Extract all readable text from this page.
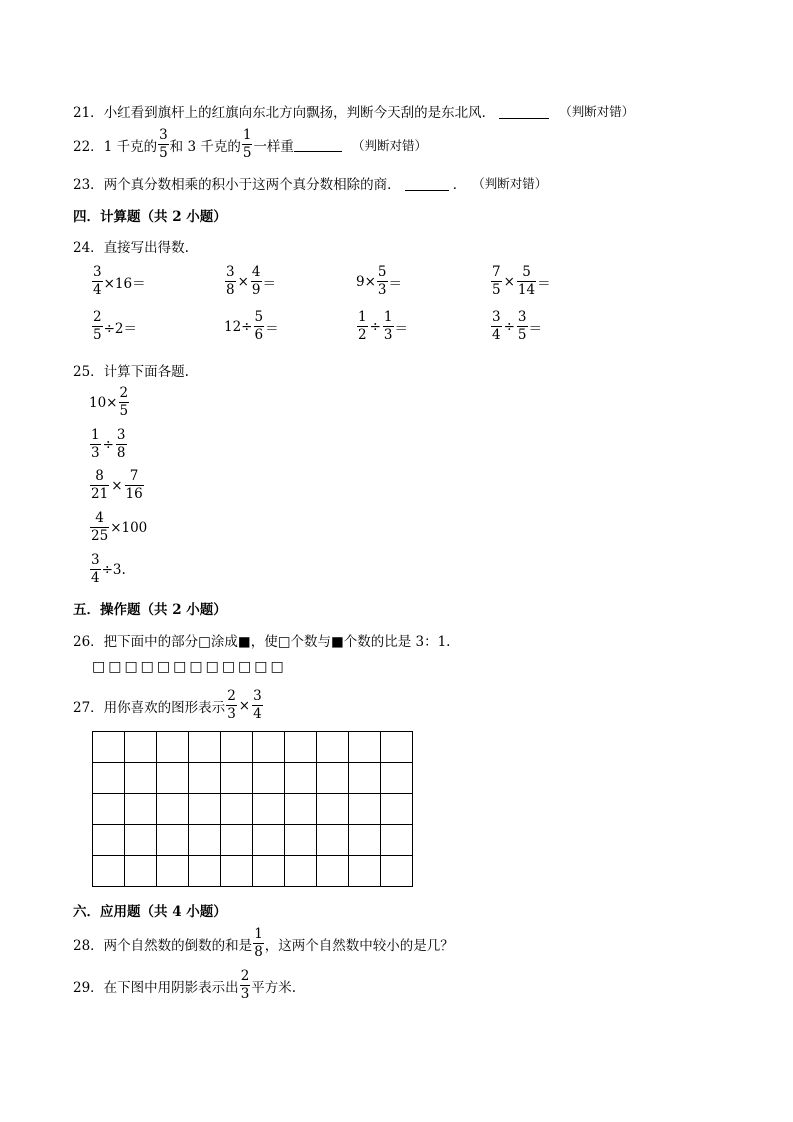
21． 小红看到旗杆上的红旗向东北方向飘扬，判断今天刮的是东北风．	（判断对错）
22． 1 千克的 $\frac{3}{5}$ 和 3 千克的 $\frac{1}{5}$ 一样重	（判断对错）
23． 两个真分数相乘的积小于这两个真分数相除的商．	． （判断对错）
四．计算题（共 2 小题）
24．直接写出得数.
$\frac{3}{4} \times 16=$	$\frac{3}{8} \times \frac{4}{9}$ ＝	$9\times \frac{5}{3}$ ＝	$\frac{7}{5} \times \frac{5}{14}$ ＝
$\frac{2}{5} \div 2=$	$12\div \frac{5}{6}$ ＝	$\frac{1}{2} \div \frac{1}{3}$ ＝	$\frac{3}{4} \div \frac{3}{5}$ ＝
25．计算下面各题.
$10\times \frac{2}{5}$
$\frac{1}{3} \div \frac{3}{8}$
$\frac{8}{21} \times \frac{7}{16}$
$\frac{4}{25} \times 100$
$\frac{3}{4} \div 3$.
五．操作题（共 2 小题）
26．把下面中的部分□涂成■，使□个数与■个数的比是 3：1.
□□□□□□□□□□□□
27．用你喜欢的图形表示 $\frac{2}{3} \times \frac{3}{4}$

六．应用题（共 4 小题）
28．两个自然数的倒数的和是 $\frac{1}{8}$ ，这两个自然数中较小的是几？
29．在下图中用阴影表示出 $\frac{2}{3}$ 平方米.
